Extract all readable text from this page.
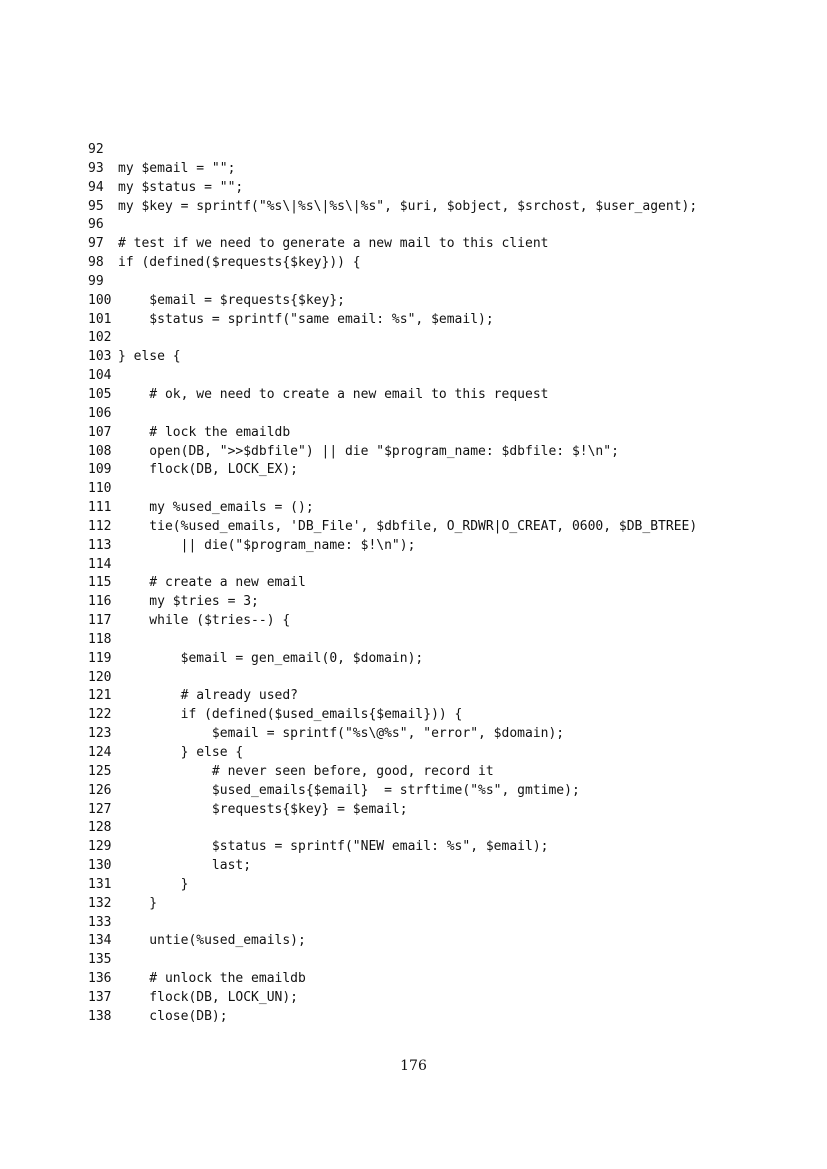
92
93	my $email = "";
94	my $status = "";
95	my $key = sprintf("%s\|%s\|%s\|%s", $uri, $object, $srchost, $user_agent);
96
97	# test if we need to generate a new mail to this client
98	if (defined($requests{$key})) {
99
100 $email = $requests{$key};
101 $status = sprintf("same email: %s", $email);
102
103 } else {
104
105 # ok, we need to create a new email to this request
106
107 # lock the emaildb
108 open(DB, ">>$dbfile") || die "$program_name: $dbfile: $!\n";
109 flock(DB, LOCK_EX);
110
111 my %used_emails = ();
112 tie(%used_emails, 'DB_File', $dbfile, O_RDWR|O_CREAT, 0600, $DB_BTREE)
113 || die("$program_name: $!\n");
114
115 # create a new email
116 my $tries = 3;
117 while ($tries--) {
118
119 $email = gen_email(0, $domain);
120
121 # already used?
122 if (defined($used_emails{$email})) {
123 $email = sprintf("%s\@%s", "error", $domain);
124 } else {
125 # never seen before, good, record it
126 $used_emails{$email}  = strftime("%s", gmtime);
127 $requests{$key} = $email;
128
129 $status = sprintf("NEW email: %s", $email);
130 last;
131 }
132 }
133
134 untie(%used_emails);
135
136 # unlock the emaildb
137 flock(DB, LOCK_UN);
138 close(DB);
176
